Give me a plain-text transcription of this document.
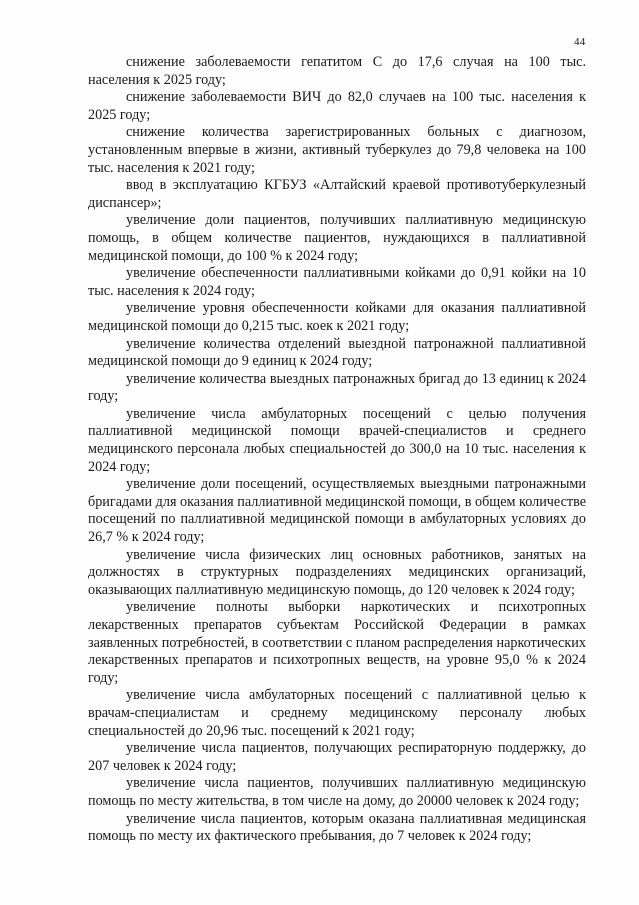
44

снижение заболеваемости гепатитом С до 17,6 случая на 100 тыс. населения к 2025 году;

снижение заболеваемости ВИЧ до 82,0 случаев на 100 тыс. населения к 2025 году;

снижение количества зарегистрированных больных с диагнозом, установленным впервые в жизни, активный туберкулез до 79,8 человека на 100 тыс. населения к 2021 году;

ввод в эксплуатацию КГБУЗ «Алтайский краевой противотуберкулезный диспансер»;

увеличение доли пациентов, получивших паллиативную медицинскую помощь, в общем количестве пациентов, нуждающихся в паллиативной медицинской помощи, до 100 % к 2024 году;

увеличение обеспеченности паллиативными койками до 0,91 койки на 10 тыс. населения к 2024 году;

увеличение уровня обеспеченности койками для оказания паллиативной медицинской помощи до 0,215 тыс. коек к 2021 году;

увеличение количества отделений выездной патронажной паллиативной медицинской помощи до 9 единиц к 2024 году;

увеличение количества выездных патронажных бригад до 13 единиц к 2024 году;

увеличение числа амбулаторных посещений с целью получения паллиативной медицинской помощи врачей-специалистов и среднего медицинского персонала любых специальностей до 300,0 на 10 тыс. населения к 2024 году;

увеличение доли посещений, осуществляемых выездными патронажными бригадами для оказания паллиативной медицинской помощи, в общем количестве посещений по паллиативной медицинской помощи в амбулаторных условиях до 26,7 % к 2024 году;

увеличение числа физических лиц основных работников, занятых на должностях в структурных подразделениях медицинских организаций, оказывающих паллиативную медицинскую помощь, до 120 человек к 2024 году;

увеличение полноты выборки наркотических и психотропных лекарственных препаратов субъектам Российской Федерации в рамках заявленных потребностей, в соответствии с планом распределения наркотических лекарственных препаратов и психотропных веществ, на уровне 95,0 % к 2024 году;

увеличение числа амбулаторных посещений с паллиативной целью к врачам-специалистам и среднему медицинскому персоналу любых специальностей до 20,96 тыс. посещений к 2021 году;

увеличение числа пациентов, получающих респираторную поддержку, до 207 человек к 2024 году;

увеличение числа пациентов, получивших паллиативную медицинскую помощь по месту жительства, в том числе на дому, до 20000 человек к 2024 году;

увеличение числа пациентов, которым оказана паллиативная медицинская помощь по месту их фактического пребывания, до 7 человек к 2024 году;
